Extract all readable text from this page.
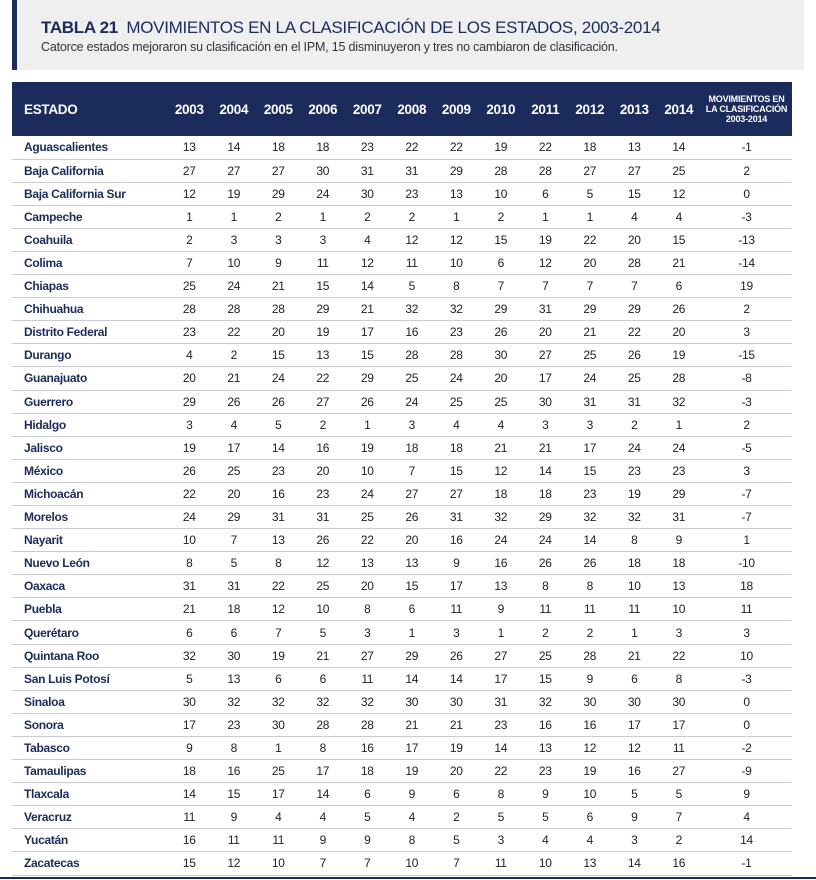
TABLA 21 MOVIMIENTOS EN LA CLASIFICACIÓN DE LOS ESTADOS, 2003-2014
Catorce estados mejoraron su clasificación en el IPM, 15 disminuyeron y tres no cambiaron de clasificación.
ESTADO	2003	2004	2005	2006	2007	2008	2009	2010	2011	2012	2013	2014	MOVIMIENTOS EN
LA CLASIFICACIÓN
2003-2014

Aguascalientes	13	14	18	18	23	22	22	19	22	18	13	14	-1
Baja California	27	27	27	30	31	31	29	28	28	27	27	25	2
Baja California Sur	12	19	29	24	30	23	13	10	6	5	15	12	0
Campeche	1	1	2	1	2	2	1	2	1	1	4	4	-3
Coahuila	2	3	3	3	4	12	12	15	19	22	20	15	-13
Colima	7	10	9	11	12	11	10	6	12	20	28	21	-14
Chiapas	25	24	21	15	14	5	8	7	7	7	7	6	19
Chihuahua	28	28	28	29	21	32	32	29	31	29	29	26	2
Distrito Federal	23	22	20	19	17	16	23	26	20	21	22	20	3
Durango	4	2	15	13	15	28	28	30	27	25	26	19	-15
Guanajuato	20	21	24	22	29	25	24	20	17	24	25	28	-8
Guerrero	29	26	26	27	26	24	25	25	30	31	31	32	-3
Hidalgo	3	4	5	2	1	3	4	4	3	3	2	1	2
Jalisco	19	17	14	16	19	18	18	21	21	17	24	24	-5
México	26	25	23	20	10	7	15	12	14	15	23	23	3
Michoacán	22	20	16	23	24	27	27	18	18	23	19	29	-7
Morelos	24	29	31	31	25	26	31	32	29	32	32	31	-7
Nayarit	10	7	13	26	22	20	16	24	24	14	8	9	1
Nuevo León	8	5	8	12	13	13	9	16	26	26	18	18	-10
Oaxaca	31	31	22	25	20	15	17	13	8	8	10	13	18
Puebla	21	18	12	10	8	6	11	9	11	11	11	10	11
Querétaro	6	6	7	5	3	1	3	1	2	2	1	3	3
Quintana Roo	32	30	19	21	27	29	26	27	25	28	21	22	10
San Luis Potosí	5	13	6	6	11	14	14	17	15	9	6	8	-3
Sinaloa	30	32	32	32	32	30	30	31	32	30	30	30	0
Sonora	17	23	30	28	28	21	21	23	16	16	17	17	0
Tabasco	9	8	1	8	16	17	19	14	13	12	12	11	-2
Tamaulipas	18	16	25	17	18	19	20	22	23	19	16	27	-9
Tlaxcala	14	15	17	14	6	9	6	8	9	10	5	5	9
Veracruz	11	9	4	4	5	4	2	5	5	6	9	7	4
Yucatán	16	11	11	9	9	8	5	3	4	4	3	2	14
Zacatecas	15	12	10	7	7	10	7	11	10	13	14	16	-1
